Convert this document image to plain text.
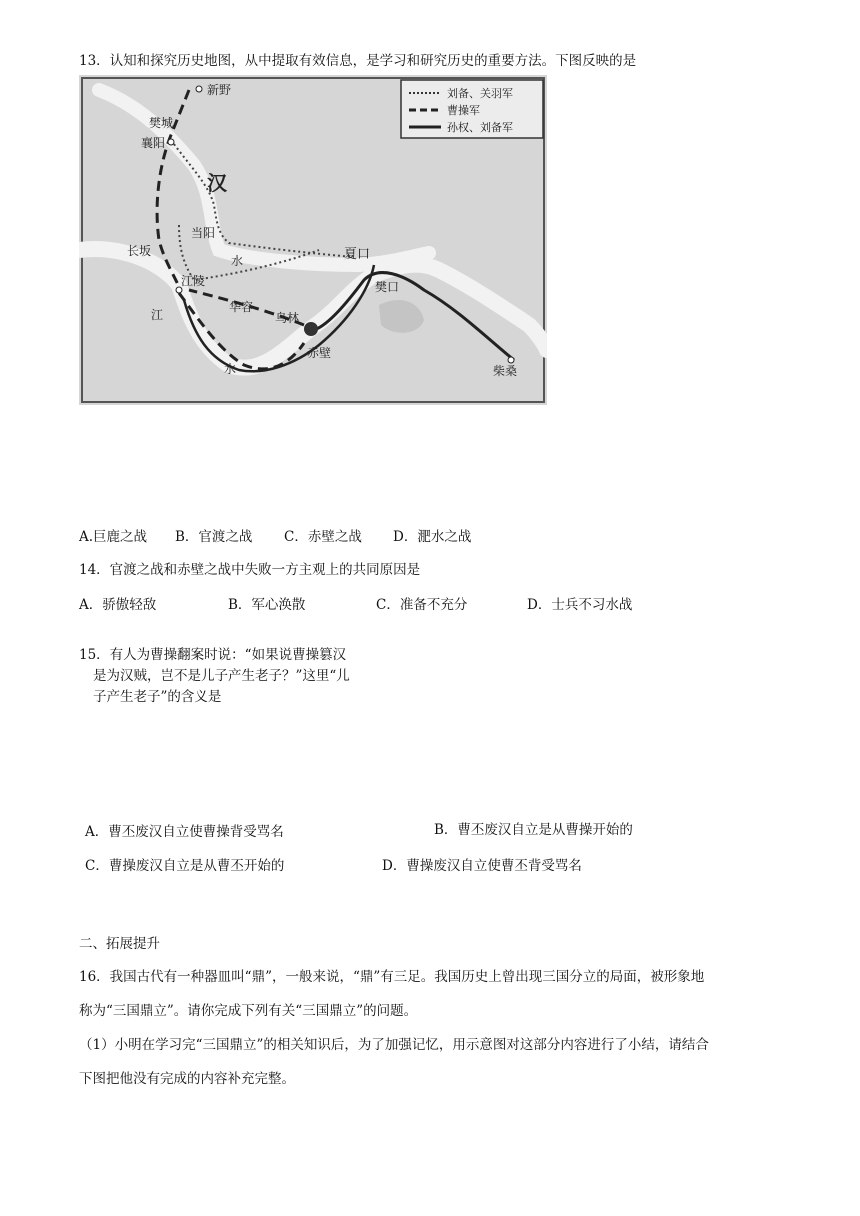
13．认知和探究历史地图，从中提取有效信息，是学习和研究历史的重要方法。下图反映的是
刘备、关羽军
曹操军
孙权、刘备军
新野
樊城
襄阳
汉
当阳
长坂
水	夏口
樊口
江陵
华容
乌林
江
赤壁
水	柴桑
A.巨鹿之战 B．官渡之战 C．赤壁之战 D．淝水之战
14．官渡之战和赤壁之战中失败一方主观上的共同原因是
A．骄傲轻敌	B．军心涣散	C．准备不充分	D．士兵不习水战
15．有人为曹操翻案时说：“如果说曹操篡汉
是为汉贼，岂不是儿子产生老子？”这里“儿
子产生老子”的含义是
A．曹丕废汉自立使曹操背受骂名	B．曹丕废汉自立是从曹操开始的
C．曹操废汉自立是从曹丕开始的	D．曹操废汉自立使曹丕背受骂名
二、拓展提升
16．我国古代有一种器皿叫“鼎”，一般来说，“鼎”有三足。我国历史上曾出现三国分立的局面，被形象地
称为“三国鼎立”。请你完成下列有关“三国鼎立”的问题。
（1）小明在学习完“三国鼎立”的相关知识后，为了加强记忆，用示意图对这部分内容进行了小结，请结合
下图把他没有完成的内容补充完整。
